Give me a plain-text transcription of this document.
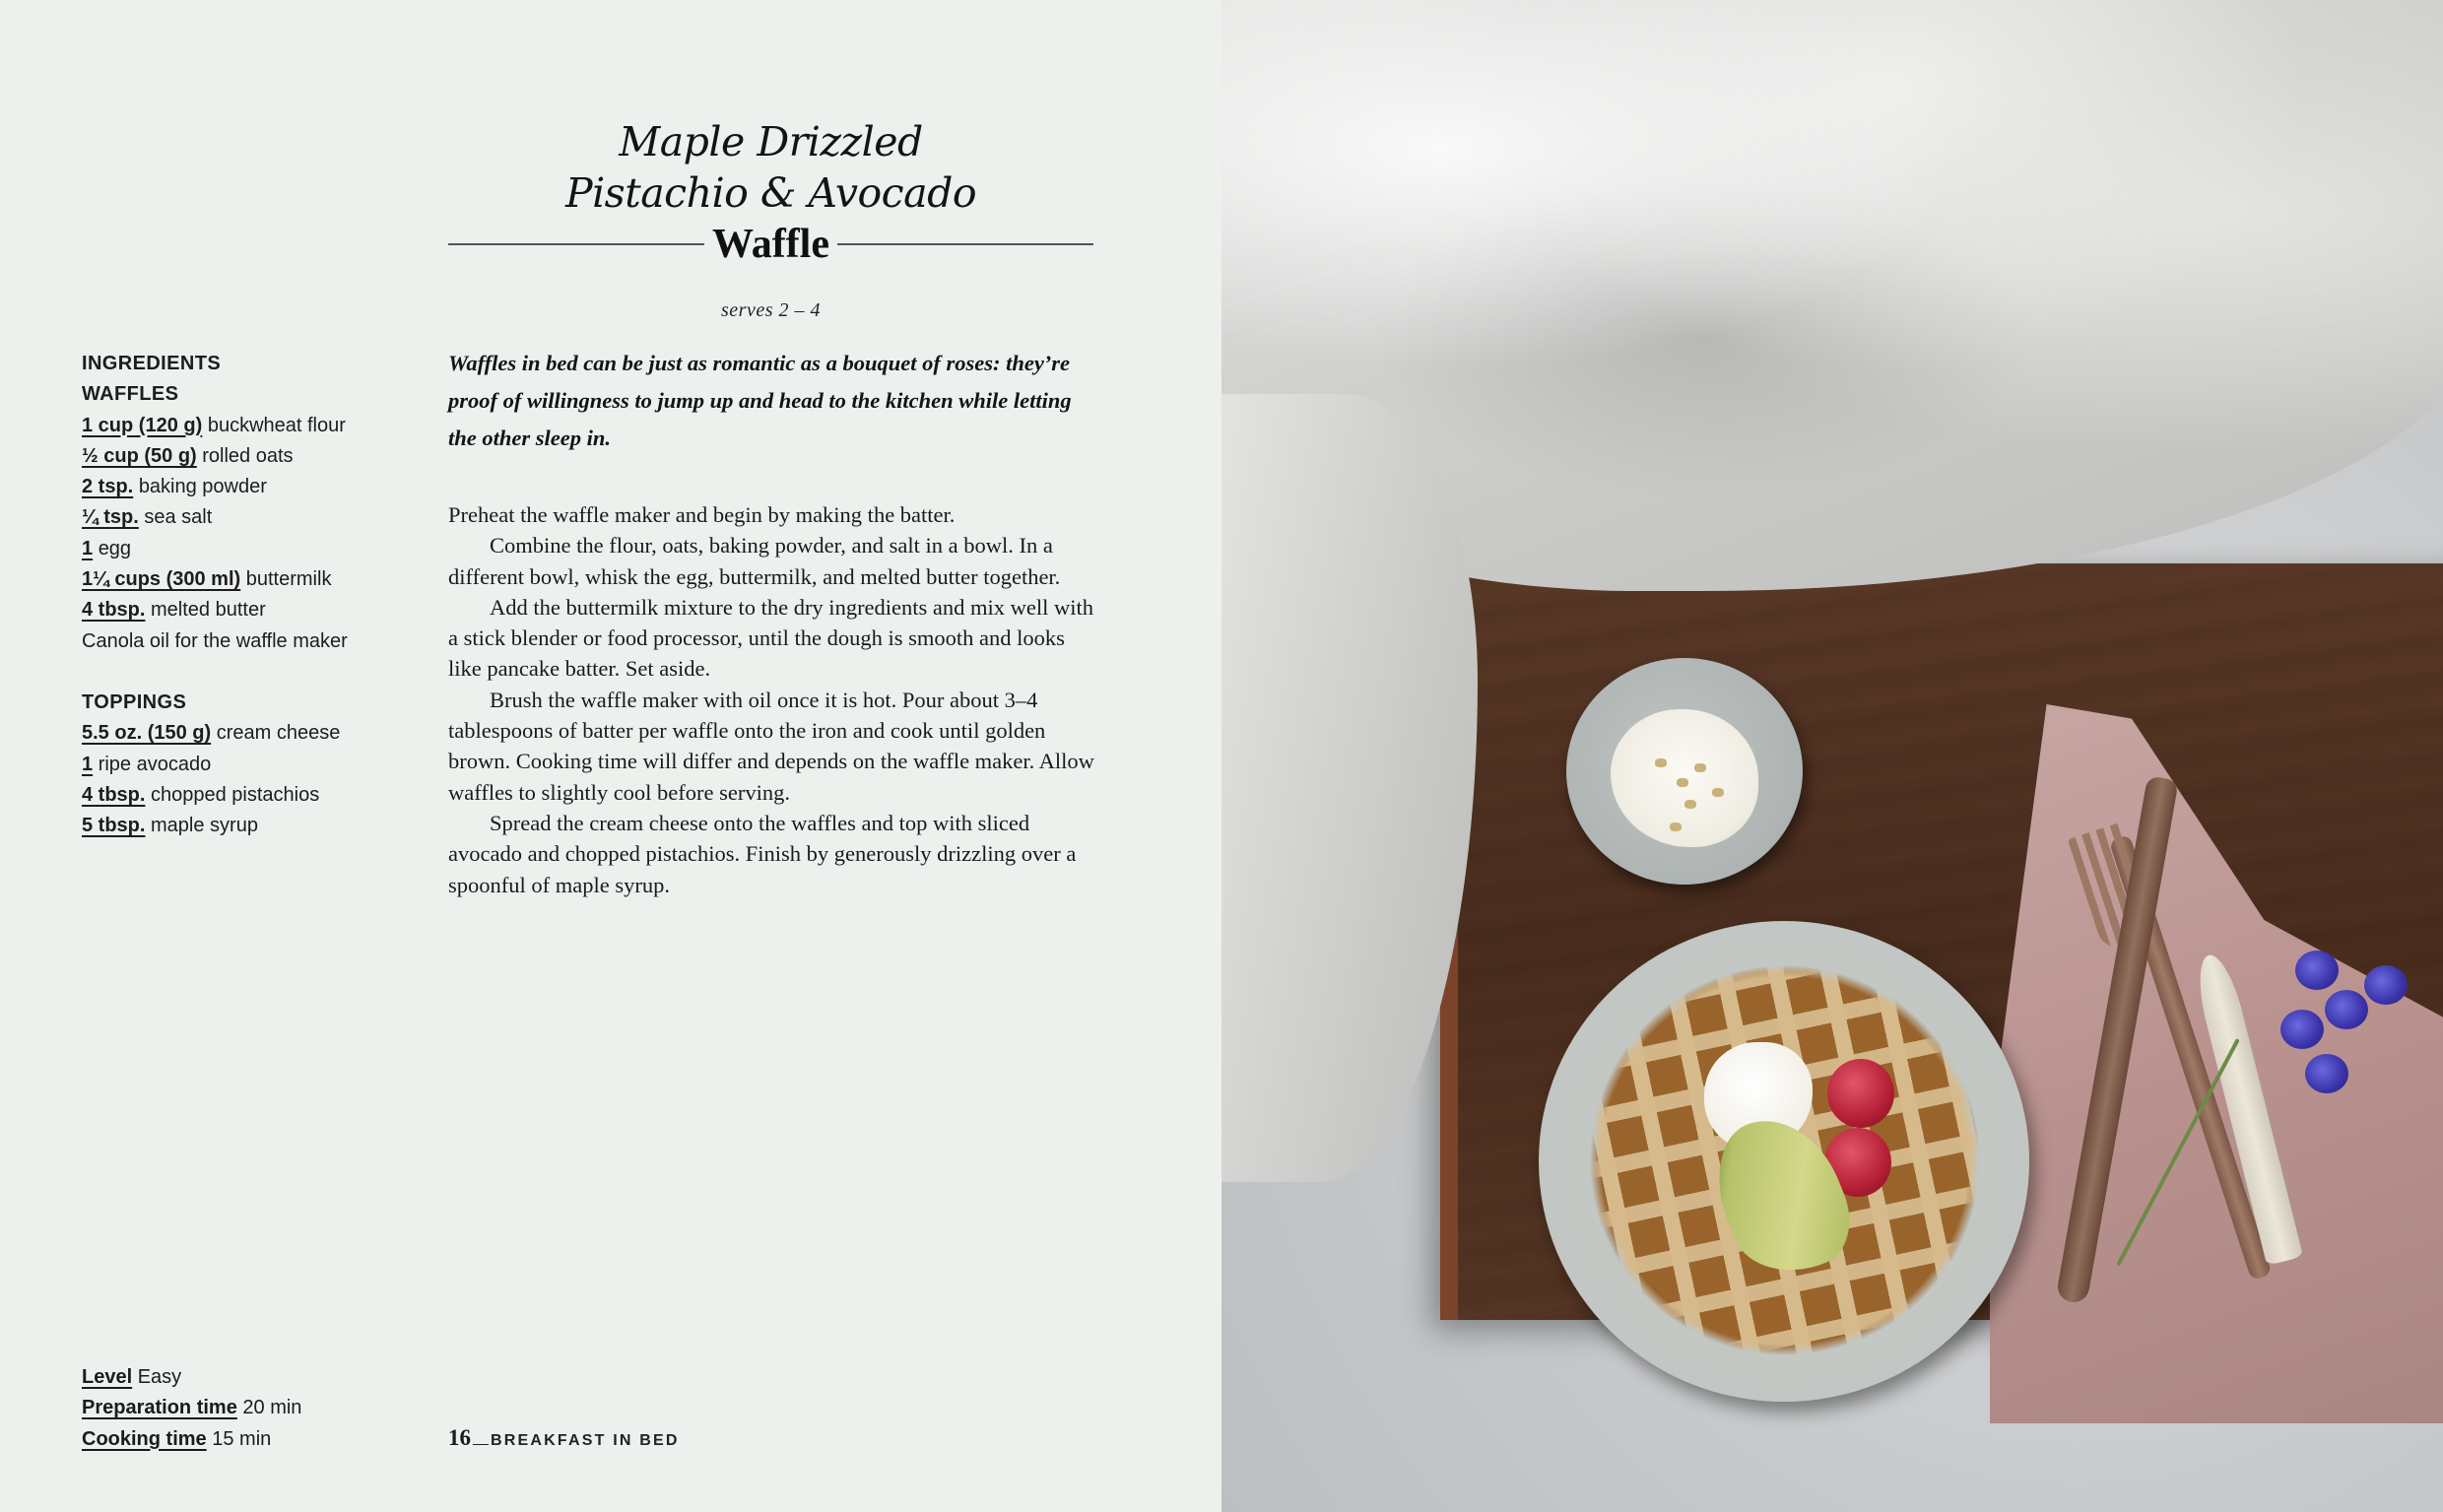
Maple Drizzled
Pistachio & Avocado
Waffle
serves 2 – 4
INGREDIENTS
WAFFLES
1 cup (120 g) buckwheat flour
½ cup (50 g) rolled oats
2 tsp. baking powder
¼ tsp. sea salt
1 egg
1¼ cups (300 ml) buttermilk
4 tbsp. melted butter
Canola oil for the waffle maker
TOPPINGS
5.5 oz. (150 g) cream cheese
1 ripe avocado
4 tbsp. chopped pistachios
5 tbsp. maple syrup
Waffles in bed can be just as romantic as a bouquet of roses: they’re proof of willingness to jump up and head to the kitchen while letting the other sleep in.

Preheat the waffle maker and begin by making the batter.

Combine the flour, oats, baking powder, and salt in a bowl. In a different bowl, whisk the egg, buttermilk, and melted butter together.

Add the buttermilk mixture to the dry ingredients and mix well with a stick blender or food processor, until the dough is smooth and looks like pancake batter. Set aside.

Brush the waffle maker with oil once it is hot. Pour about 3–4 tablespoons of batter per waffle onto the iron and cook until golden brown. Cooking time will differ and depends on the waffle maker. Allow waffles to slightly cool before serving.

Spread the cream cheese onto the waffles and top with sliced avocado and chopped pistachios. Finish by generously drizzling over a spoonful of maple syrup.

Level Easy
Preparation time 20 min
Cooking time 15 min	16 BREAKFAST IN BED
